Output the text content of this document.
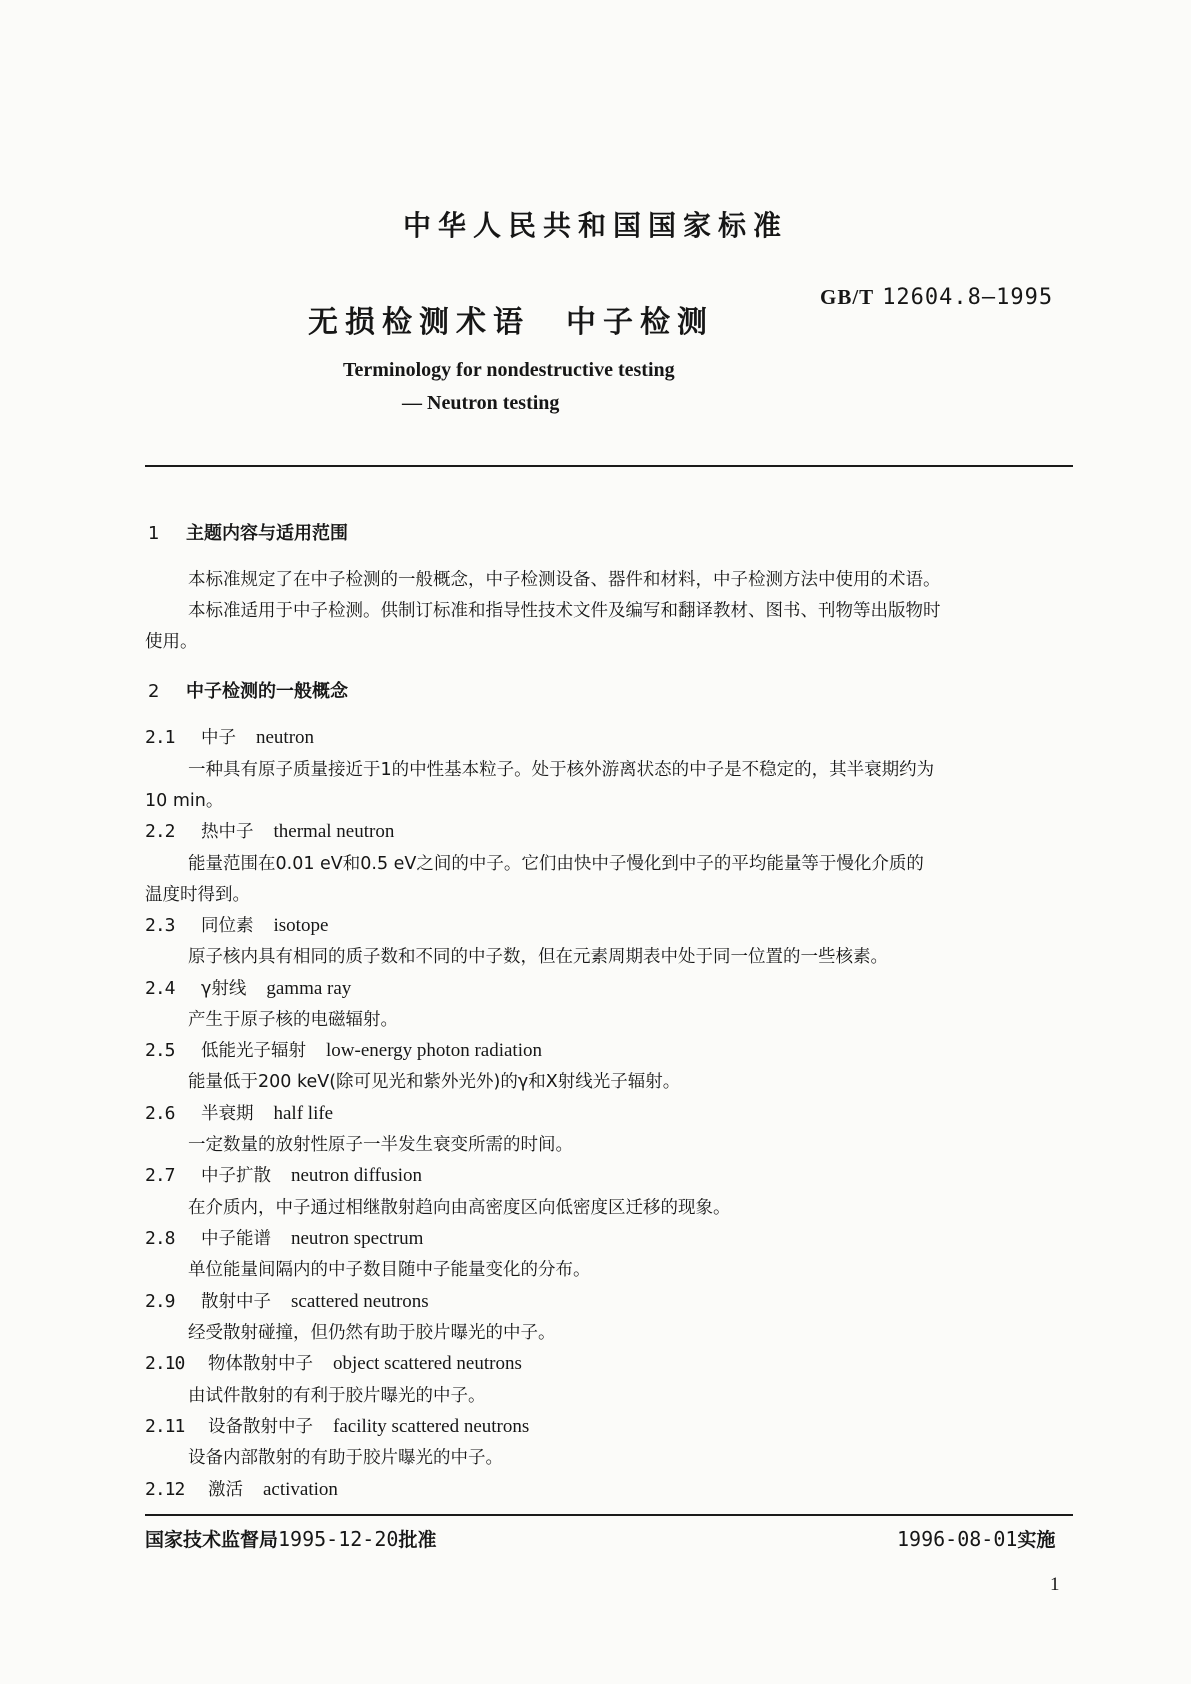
中华人民共和国国家标准
无损检测术语 中子检测
GB/T 12604.8—1995
Terminology for nondestructive testing
— Neutron testing
1 主题内容与适用范围
本标准规定了在中子检测的一般概念，中子检测设备、器件和材料，中子检测方法中使用的术语。
本标准适用于中子检测。供制订标准和指导性技术文件及编写和翻译教材、图书、刊物等出版物时
使用。
2 中子检测的一般概念
2.1 中子 neutron
一种具有原子质量接近于1的中性基本粒子。处于核外游离状态的中子是不稳定的，其半衰期约为
10 min。
2.2 热中子 thermal neutron
能量范围在0.01 eV和0.5 eV之间的中子。它们由快中子慢化到中子的平均能量等于慢化介质的
温度时得到。
2.3 同位素 isotope
原子核内具有相同的质子数和不同的中子数，但在元素周期表中处于同一位置的一些核素。
2.4 γ射线 gamma ray
产生于原子核的电磁辐射。
2.5 低能光子辐射 low-energy photon radiation
能量低于200 keV(除可见光和紫外光外)的γ和X射线光子辐射。
2.6 半衰期 half life
一定数量的放射性原子一半发生衰变所需的时间。
2.7 中子扩散 neutron diffusion
在介质内，中子通过相继散射趋向由高密度区向低密度区迁移的现象。
2.8 中子能谱 neutron spectrum
单位能量间隔内的中子数目随中子能量变化的分布。
2.9 散射中子 scattered neutrons
经受散射碰撞，但仍然有助于胶片曝光的中子。
2.10 物体散射中子 object scattered neutrons
由试件散射的有利于胶片曝光的中子。
2.11 设备散射中子 facility scattered neutrons
设备内部散射的有助于胶片曝光的中子。
2.12 激活 activation
国家技术监督局1995-12-20批准	1996-08-01实施
1
